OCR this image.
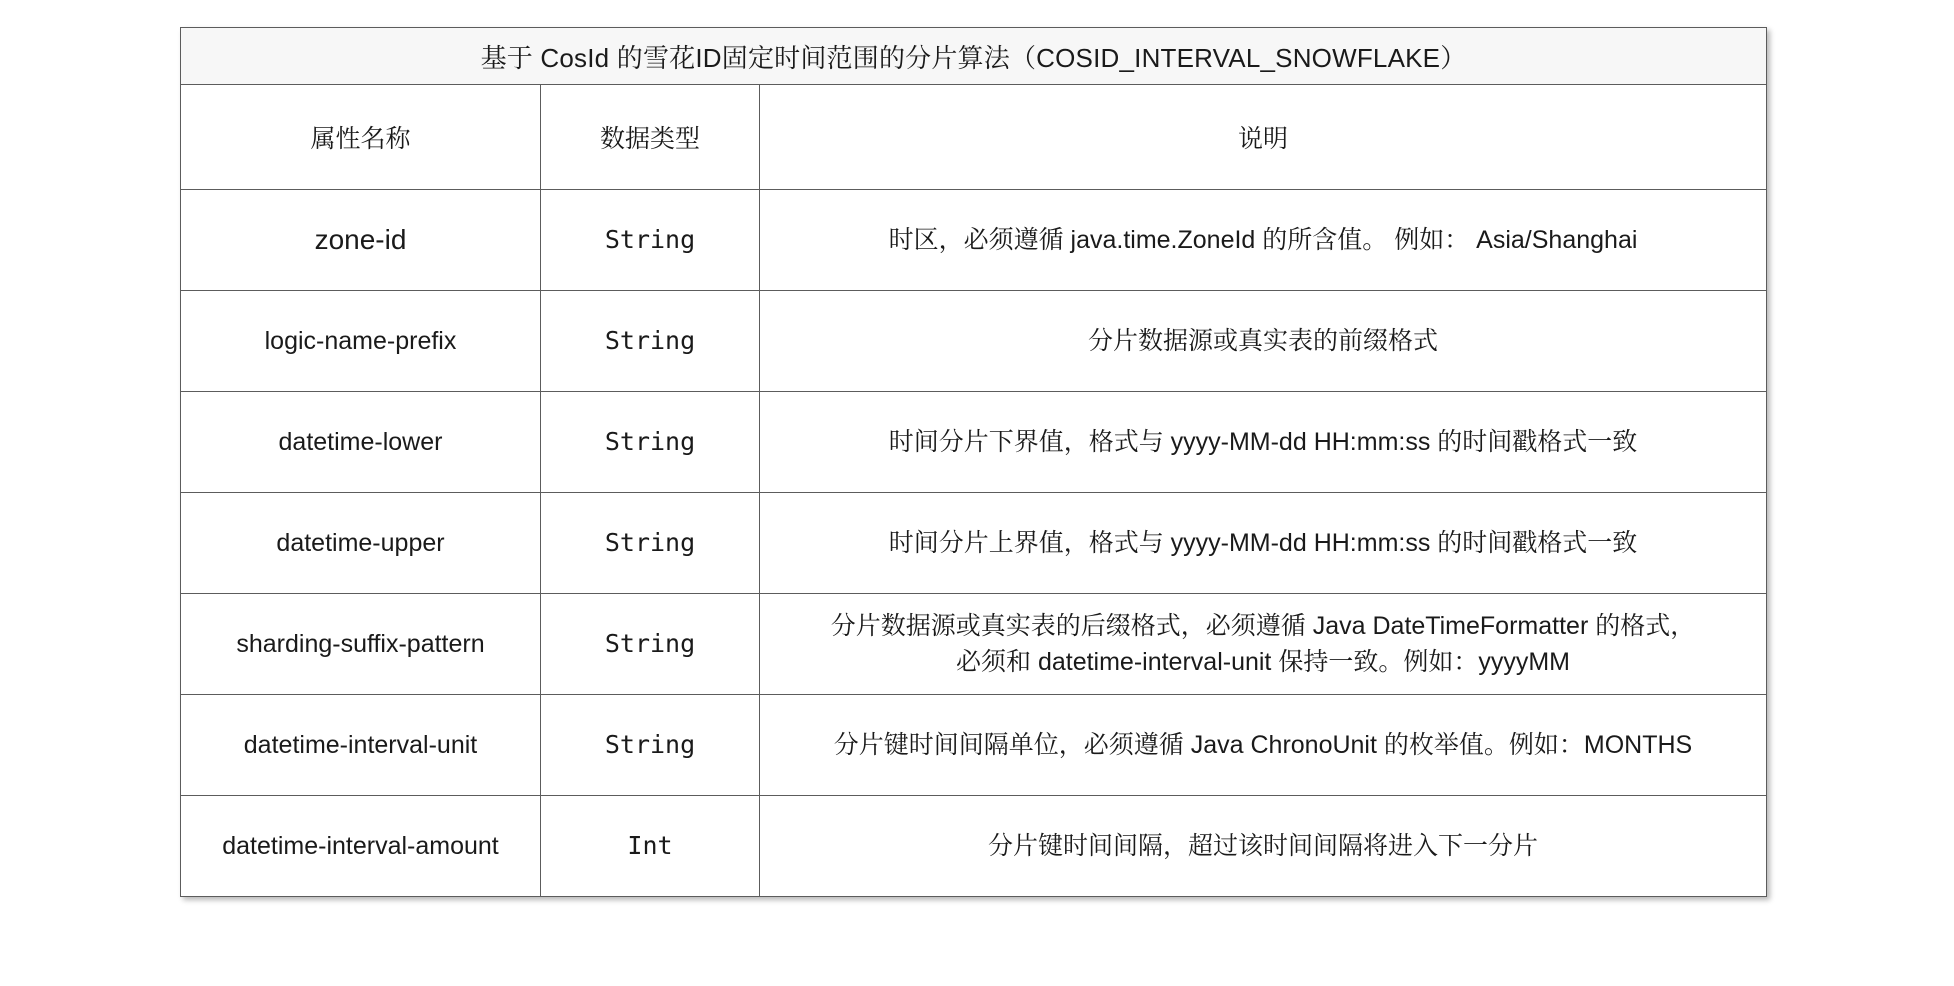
基于 CosId 的雪花ID固定时间范围的分片算法（COSID_INTERVAL_SNOWFLAKE）		
属性名称	数据类型	说明
zone-id	String	时区，必须遵循 java.time.ZoneId 的所含值。 例如： Asia/Shanghai

logic-name-prefix	String	分片数据源或真实表的前缀格式

datetime-lower	String	时间分片下界值，格式与 yyyy-MM-dd HH:mm:ss 的时间戳格式一致

datetime-upper	String	时间分片上界值，格式与 yyyy-MM-dd HH:mm:ss 的时间戳格式一致

sharding-suffix-pattern	String	分片数据源或真实表的后缀格式，必须遵循 Java DateTimeFormatter 的格式，
必须和 datetime-interval-unit 保持一致。例如：yyyyMM

datetime-interval-unit	String	分片键时间间隔单位，必须遵循 Java ChronoUnit 的枚举值。例如：MONTHS

datetime-interval-amount	Int	分片键时间间隔，超过该时间间隔将进入下一分片
